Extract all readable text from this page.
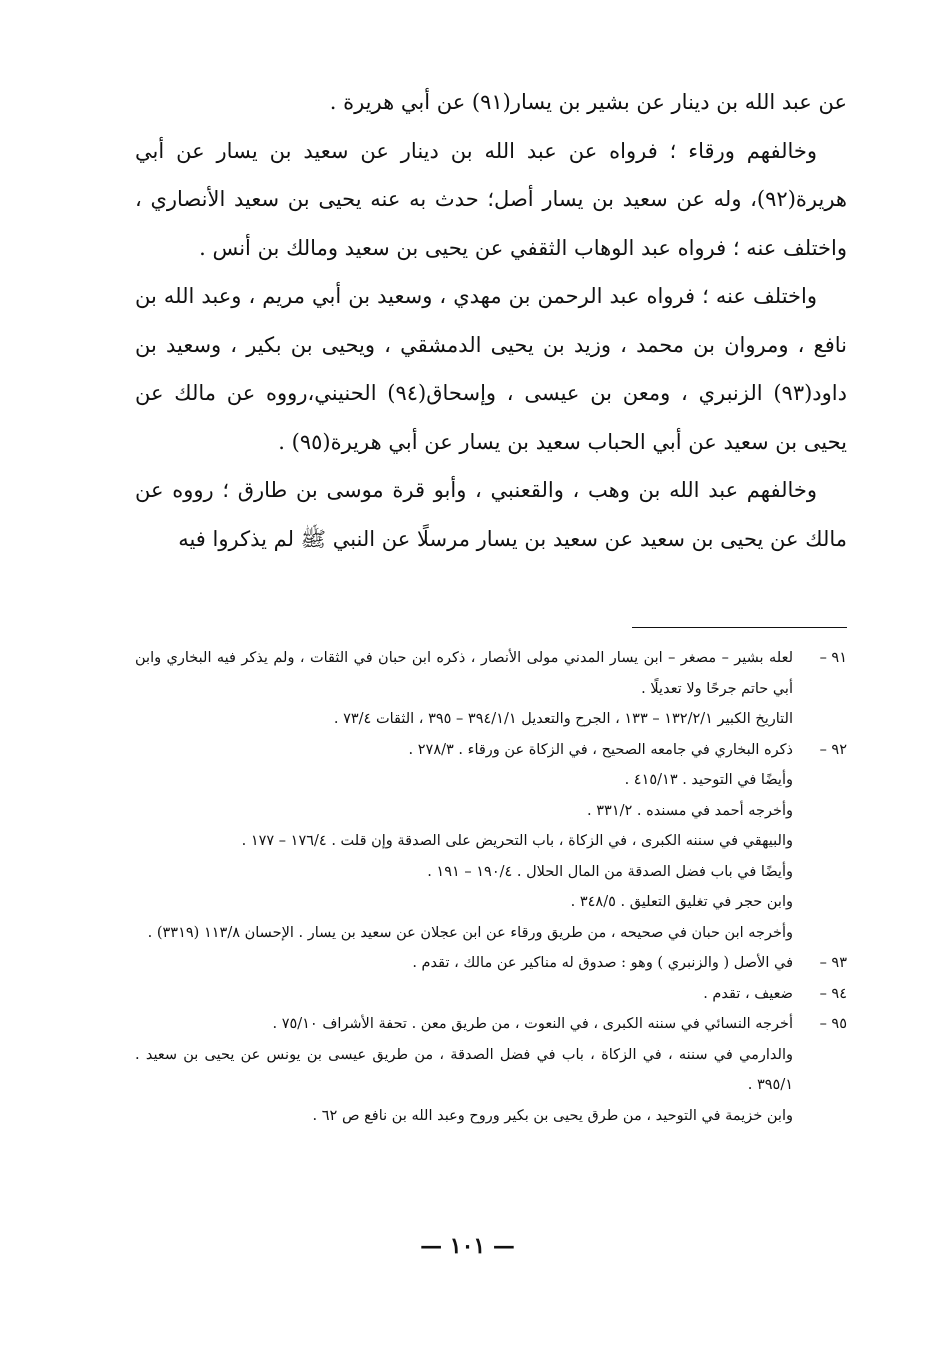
عن عبد الله بن دينار عن بشير بن يسار(٩١) عن أبي هريرة .

وخالفهم ورقاء ؛ فرواه عن عبد الله بن دينار عن سعيد بن يسار عن أبي هريرة(٩٢)، وله عن سعيد بن يسار أصل؛ حدث به عنه يحيى بن سعيد الأنصاري ، واختلف عنه ؛ فرواه عبد الوهاب الثقفي عن يحيى بن سعيد ومالك بن أنس .

واختلف عنه ؛ فرواه عبد الرحمن بن مهدي ، وسعيد بن أبي مريم ، وعبد الله بن نافع ، ومروان بن محمد ، وزيد بن يحيى الدمشقي ، ويحيى بن بكير ، وسعيد بن داود(٩٣) الزنبري ، ومعن بن عيسى ، وإسحاق(٩٤) الحنيني،رووه عن مالك عن يحيى بن سعيد عن أبي الحباب سعيد بن يسار عن أبي هريرة(٩٥) .

وخالفهم عبد الله بن وهب ، والقعنبي ، وأبو قرة موسى بن طارق ؛ رووه عن مالك عن يحيى بن سعيد عن سعيد بن يسار مرسلًا عن النبي ﷺ لم يذكروا فيه

٩١ –

لعله بشير – مصغر – ابن يسار المدني مولى الأنصار ، ذكره ابن حبان في الثقات ، ولم يذكر فيه البخاري وابن أبي حاتم جرحًا ولا تعديلًا .

التاريخ الكبير ١٣٢/٢/١ – ١٣٣ ، الجرح والتعديل ٣٩٤/١/١ – ٣٩٥ ، الثقات ٧٣/٤ .

٩٢ –

ذكره البخاري في جامعه الصحيح ، في الزكاة عن ورقاء . ٢٧٨/٣ .

وأيضًا في التوحيد . ٤١٥/١٣ .

وأخرجه أحمد في مسنده . ٣٣١/٢ .

والبيهقي في سننه الكبرى ، في الزكاة ، باب التحريض على الصدقة وإن قلت . ١٧٦/٤ – ١٧٧ .

وأيضًا في باب فضل الصدقة من المال الحلال . ١٩٠/٤ – ١٩١ .

وابن حجر في تغليق التعليق . ٣٤٨/٥ .

وأخرجه ابن حبان في صحيحه ، من طريق ورقاء عن ابن عجلان عن سعيد بن يسار . الإحسان ١١٣/٨ (٣٣١٩) .

٩٣ –

في الأصل ( والزنبري ) وهو : صدوق له مناكير عن مالك ، تقدم .

٩٤ –

ضعيف ، تقدم .

٩٥ –

أخرجه النسائي في سننه الكبرى ، في النعوت ، من طريق معن . تحفة الأشراف ٧٥/١٠ .

والدارمي في سننه ، في الزكاة ، باب في فضل الصدقة ، من طريق عيسى بن يونس عن يحيى بن سعيد . ٣٩٥/١ .

وابن خزيمة في التوحيد ، من طرق يحيى بن بكير وروح وعبد الله بن نافع ص ٦٢ .

— ١٠١ —
